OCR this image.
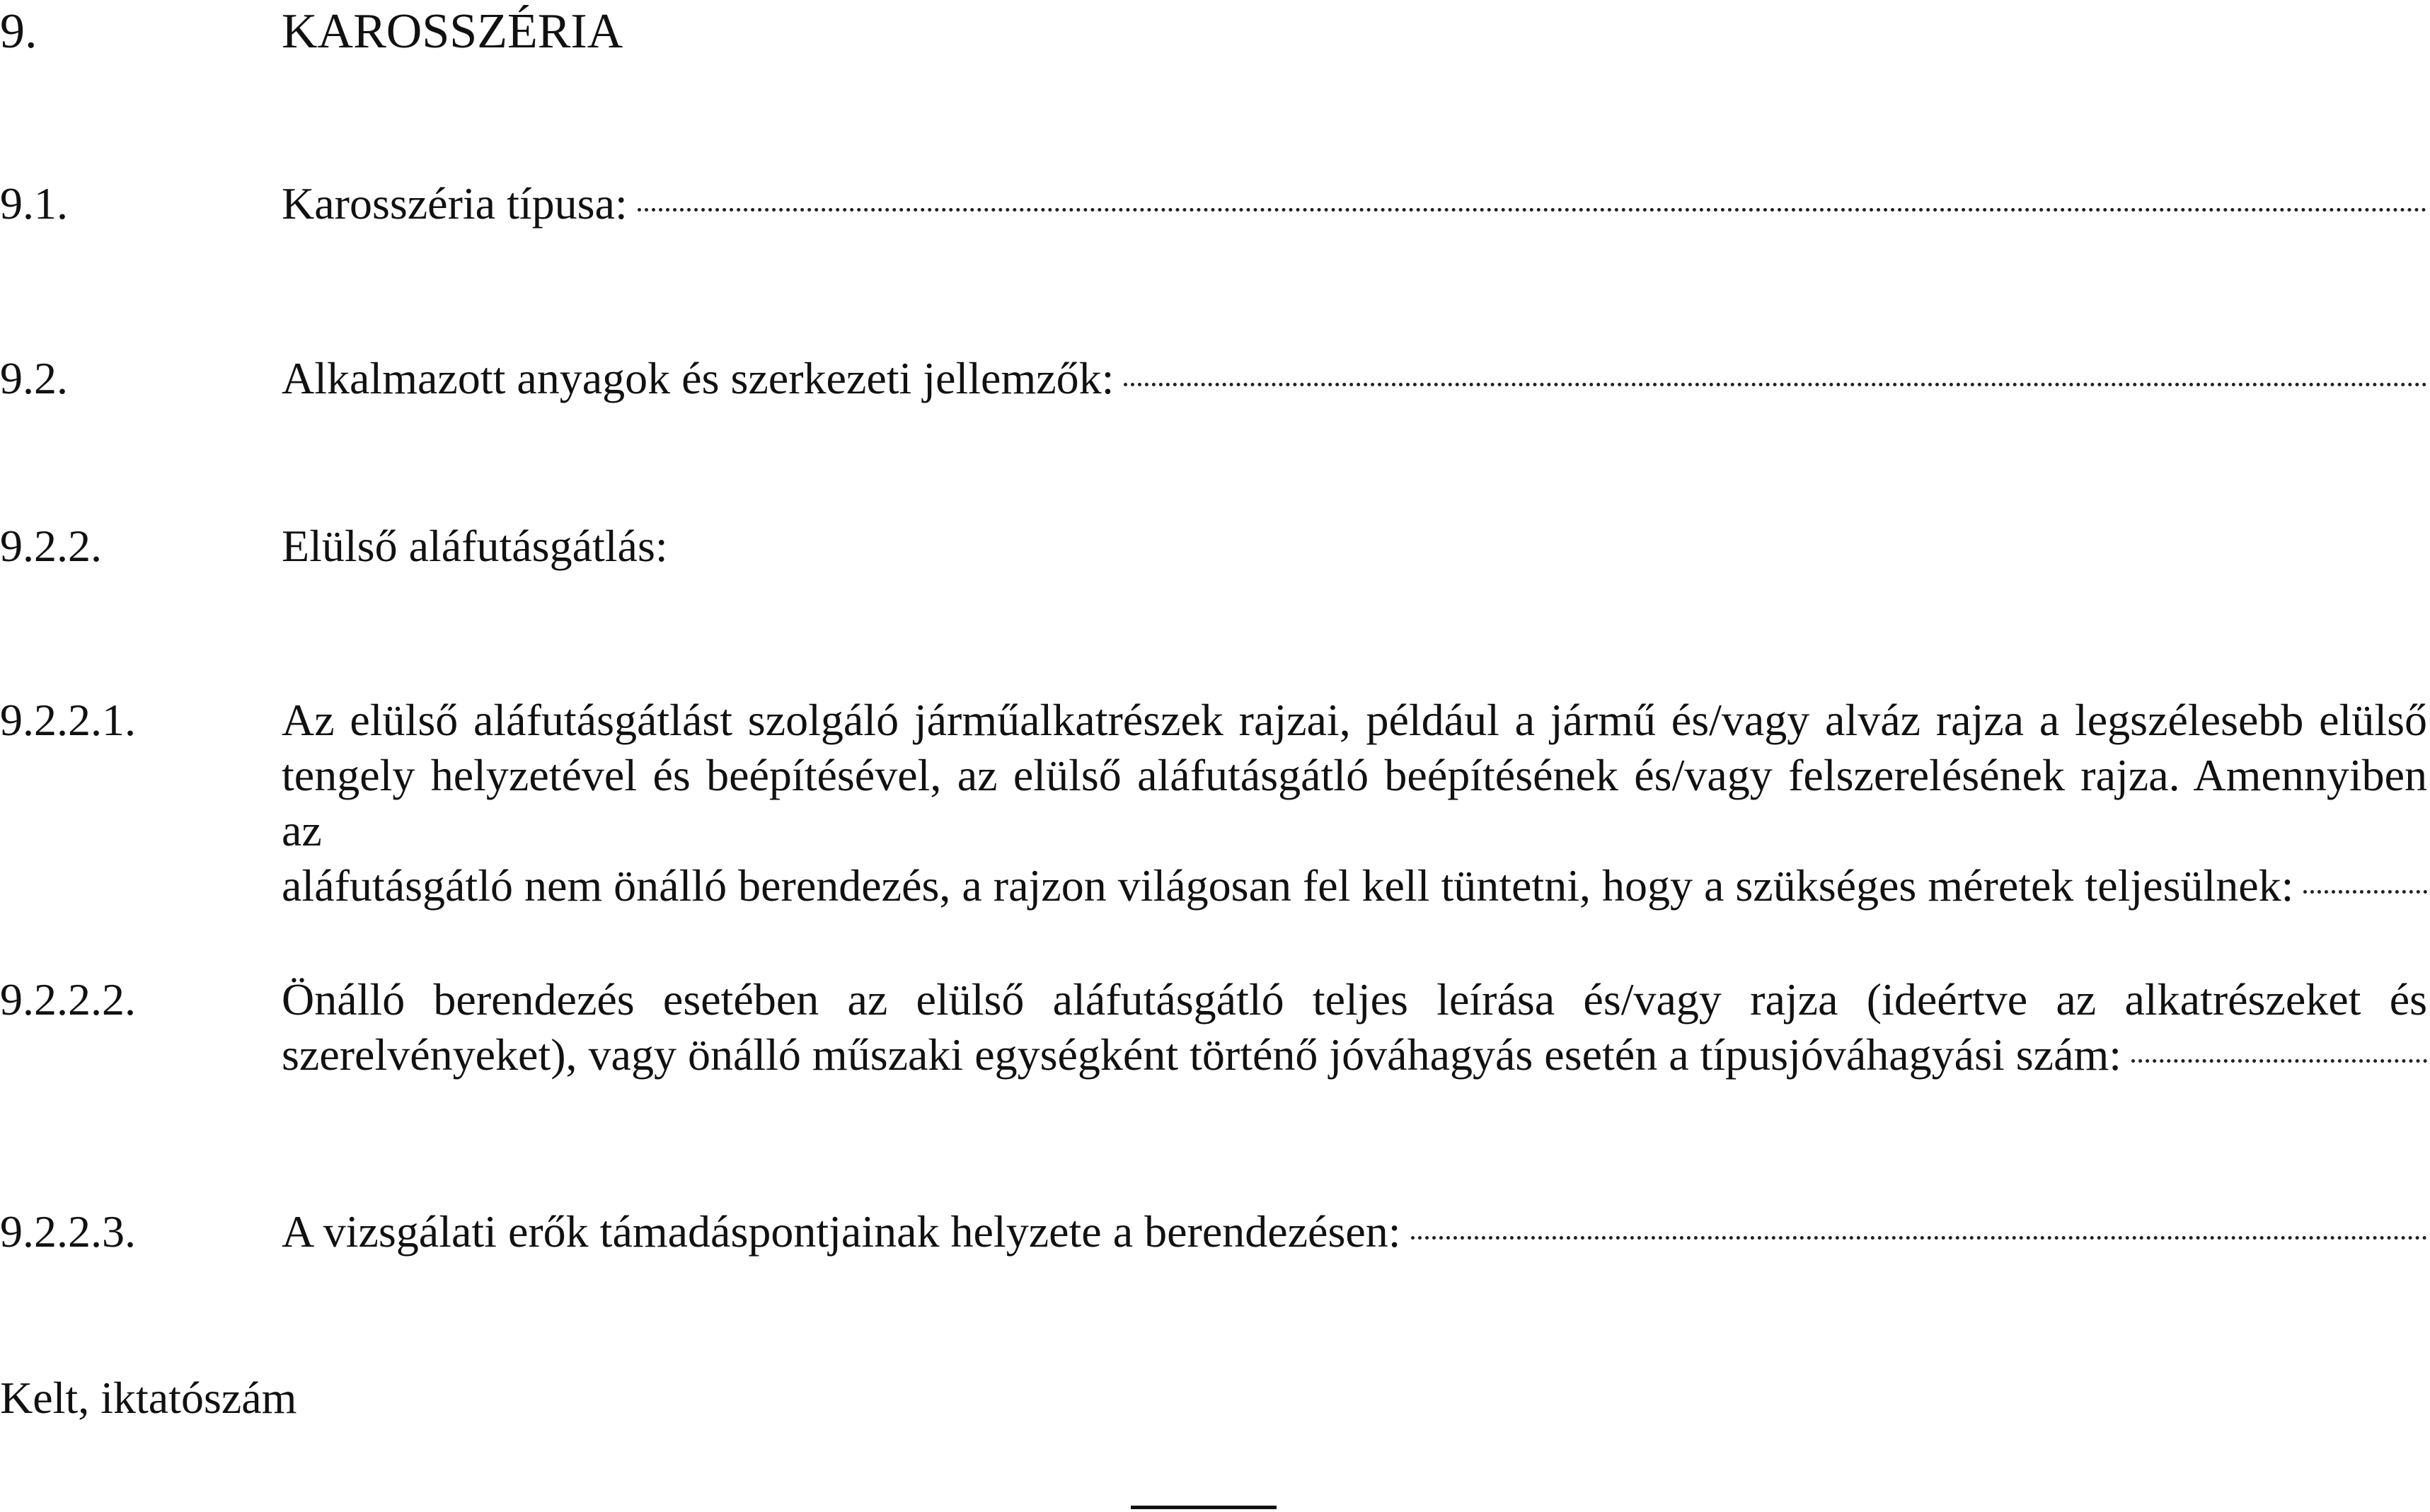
9.	KAROSSZÉRIA
9.1.	Karosszéria típusa:
9.2.	Alkalmazott anyagok és szerkezeti jellemzők:
9.2.2.	Elülső aláfutásgátlás:
9.2.2.1.	Az elülső aláfutásgátlást szolgáló járműalkatrészek rajzai, például a jármű és/vagy alváz rajza a legszélesebb elülső
tengely helyzetével és beépítésével, az elülső aláfutásgátló beépítésének és/vagy felszerelésének rajza. Amennyiben az
aláfutásgátló nem önálló berendezés, a rajzon világosan fel kell tüntetni, hogy a szükséges méretek teljesülnek:
9.2.2.2.	Önálló berendezés esetében az elülső aláfutásgátló teljes leírása és/vagy rajza (ideértve az alkatrészeket és
szerelvényeket), vagy önálló műszaki egységként történő jóváhagyás esetén a típusjóváhagyási szám:
9.2.2.3.	A vizsgálati erők támadáspontjainak helyzete a berendezésen:
Kelt, iktatószám
